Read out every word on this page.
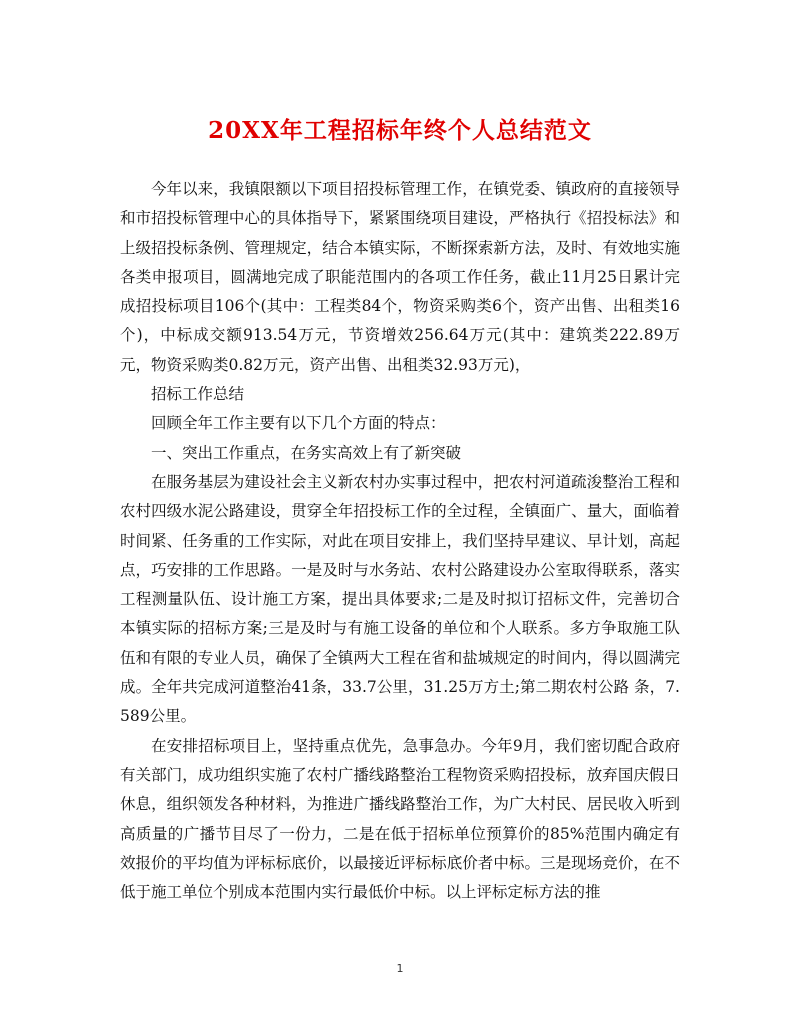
20XX年工程招标年终个人总结范文

今年以来，我镇限额以下项目招投标管理工作，在镇党委、镇政府的直接领导和市招投标管理中心的具体指导下，紧紧围绕项目建设，严格执行《招投标法》和上级招投标条例、管理规定，结合本镇实际，不断探索新方法，及时、有效地实施各类申报项目，圆满地完成了职能范围内的各项工作任务，截止11月25日累计完成招投标项目106个(其中：工程类84个，物资采购类6个，资产出售、出租类16个)，中标成交额913.54万元，节资增效256.64万元(其中：建筑类222.89万元，物资采购类0.82万元，资产出售、出租类32.93万元)，

招标工作总结

回顾全年工作主要有以下几个方面的特点：

一、突出工作重点，在务实高效上有了新突破

在服务基层为建设社会主义新农村办实事过程中，把农村河道疏浚整治工程和农村四级水泥公路建设，贯穿全年招投标工作的全过程，全镇面广、量大，面临着时间紧、任务重的工作实际，对此在项目安排上，我们坚持早建议、早计划，高起点，巧安排的工作思路。一是及时与水务站、农村公路建设办公室取得联系，落实工程测量队伍、设计施工方案，提出具体要求;二是及时拟订招标文件，完善切合本镇实际的招标方案;三是及时与有施工设备的单位和个人联系。多方争取施工队伍和有限的专业人员，确保了全镇两大工程在省和盐城规定的时间内，得以圆满完成。全年共完成河道整治41条，33.7公里，31.25万方土;第二期农村公路 条，7.589公里。

在安排招标项目上，坚持重点优先，急事急办。今年9月，我们密切配合政府有关部门，成功组织实施了农村广播线路整治工程物资采购招投标，放弃国庆假日休息，组织领发各种材料，为推进广播线路整治工作，为广大村民、居民收入听到高质量的广播节目尽了一份力，二是在低于招标单位预算价的85%范围内确定有效报价的平均值为评标标底价，以最接近评标标底价者中标。三是现场竞价，在不低于施工单位个别成本范围内实行最低价中标。以上评标定标方法的推

1
